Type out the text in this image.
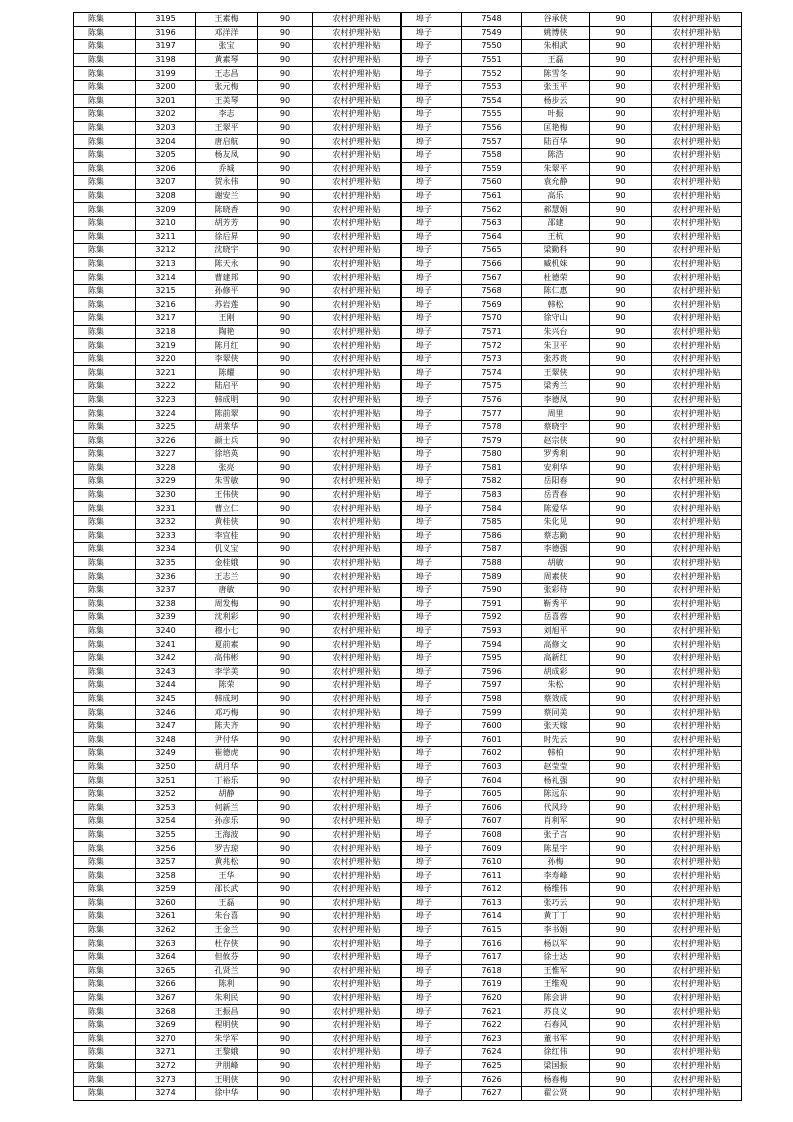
陈集	3195	王素梅	90	农村护理补贴
陈集	3196	邓洋洋	90	农村护理补贴
陈集	3197	张宝	90	农村护理补贴
陈集	3198	黄素琴	90	农村护理补贴
陈集	3199	王志昌	90	农村护理补贴
陈集	3200	张元梅	90	农村护理补贴
陈集	3201	王美琴	90	农村护理补贴
陈集	3202	李志	90	农村护理补贴
陈集	3203	王翠平	90	农村护理补贴
陈集	3204	唐启航	90	农村护理补贴
陈集	3205	杨友凤	90	农村护理补贴
陈集	3206	乔城	90	农村护理补贴
陈集	3207	贺永伟	90	农村护理补贴
陈集	3208	谢安兰	90	农村护理补贴
陈集	3209	陈晓香	90	农村护理补贴
陈集	3210	胡芳芳	90	农村护理补贴
陈集	3211	徐后昇	90	农村护理补贴
陈集	3212	沈晓宇	90	农村护理补贴
陈集	3213	陈天永	90	农村护理补贴
陈集	3214	曹建邦	90	农村护理补贴
陈集	3215	孙修平	90	农村护理补贴
陈集	3216	苏岩莲	90	农村护理补贴
陈集	3217	王刚	90	农村护理补贴
陈集	3218	陶艳	90	农村护理补贴
陈集	3219	陈月红	90	农村护理补贴
陈集	3220	李翠侠	90	农村护理补贴
陈集	3221	陈耀	90	农村护理补贴
陈集	3222	陆启平	90	农村护理补贴
陈集	3223	韩成明	90	农村护理补贴
陈集	3224	陈前翠	90	农村护理补贴
陈集	3225	胡莱华	90	农村护理补贴
陈集	3226	颜士兵	90	农村护理补贴
陈集	3227	徐培英	90	农村护理补贴
陈集	3228	张亮	90	农村护理补贴
陈集	3229	朱雪敏	90	农村护理补贴
陈集	3230	王伟侠	90	农村护理补贴
陈集	3231	曹立仁	90	农村护理补贴
陈集	3232	黄桂侠	90	农村护理补贴
陈集	3233	李宜桂	90	农村护理补贴
陈集	3234	仉义宝	90	农村护理补贴
陈集	3235	金桂娥	90	农村护理补贴
陈集	3236	王志兰	90	农村护理补贴
陈集	3237	唐敏	90	农村护理补贴
陈集	3238	周发梅	90	农村护理补贴
陈集	3239	沈利彩	90	农村护理补贴
陈集	3240	穆小七	90	农村护理补贴
陈集	3241	夏前素	90	农村护理补贴
陈集	3242	高伟彬	90	农村护理补贴
陈集	3243	李学美	90	农村护理补贴
陈集	3244	陈荣	90	农村护理补贴
陈集	3245	韩成珂	90	农村护理补贴
陈集	3246	邓巧梅	90	农村护理补贴
陈集	3247	陈夫齐	90	农村护理补贴
陈集	3248	尹付华	90	农村护理补贴
陈集	3249	崔德虎	90	农村护理补贴
陈集	3250	胡月华	90	农村护理补贴
陈集	3251	丁裕乐	90	农村护理补贴
陈集	3252	胡静	90	农村护理补贴
陈集	3253	何新兰	90	农村护理补贴
陈集	3254	孙彦乐	90	农村护理补贴
陈集	3255	王海波	90	农村护理补贴
陈集	3256	罗吉琼	90	农村护理补贴
陈集	3257	黄兆松	90	农村护理补贴
陈集	3258	王华	90	农村护理补贴
陈集	3259	邵长武	90	农村护理补贴
陈集	3260	王磊	90	农村护理补贴
陈集	3261	朱台喜	90	农村护理补贴
陈集	3262	王金兰	90	农村护理补贴
陈集	3263	杜存侠	90	农村护理补贴
陈集	3264	但攸芬	90	农村护理补贴
陈集	3265	孔贤兰	90	农村护理补贴
陈集	3266	陈利	90	农村护理补贴
陈集	3267	朱利民	90	农村护理补贴
陈集	3268	王振昌	90	农村护理补贴
陈集	3269	程明侠	90	农村护理补贴
陈集	3270	朱学军	90	农村护理补贴
陈集	3271	王黎娥	90	农村护理补贴
陈集	3272	尹朋峰	90	农村护理补贴
陈集	3273	王明侠	90	农村护理补贴
陈集	3274	徐中华	90	农村护理补贴
埠子	7548	谷承侠	90	农村护理补贴
埠子	7549	姚博侠	90	农村护理补贴
埠子	7550	朱相武	90	农村护理补贴
埠子	7551	王磊	90	农村护理补贴
埠子	7552	陈雪冬	90	农村护理补贴
埠子	7553	张玉平	90	农村护理补贴
埠子	7554	杨步云	90	农村护理补贴
埠子	7555	叶振	90	农村护理补贴
埠子	7556	匡艳梅	90	农村护理补贴
埠子	7557	陆百华	90	农村护理补贴
埠子	7558	陈浩	90	农村护理补贴
埠子	7559	朱翠平	90	农村护理补贴
埠子	7560	袁允静	90	农村护理补贴
埠子	7561	高乐	90	农村护理补贴
埠子	7562	郝慧娟	90	农村护理补贴
埠子	7563	邵建	90	农村护理补贴
埠子	7564	王杭	90	农村护理补贴
埠子	7565	梁勤科	90	农村护理补贴
埠子	7566	臧机妹	90	农村护理补贴
埠子	7567	杜德荣	90	农村护理补贴
埠子	7568	陈仁惠	90	农村护理补贴
埠子	7569	韩松	90	农村护理补贴
埠子	7570	徐守山	90	农村护理补贴
埠子	7571	朱兴台	90	农村护理补贴
埠子	7572	朱卫平	90	农村护理补贴
埠子	7573	张苏贵	90	农村护理补贴
埠子	7574	王翠侠	90	农村护理补贴
埠子	7575	梁秀兰	90	农村护理补贴
埠子	7576	李德凤	90	农村护理补贴
埠子	7577	周里	90	农村护理补贴
埠子	7578	蔡晓宇	90	农村护理补贴
埠子	7579	赵宗侠	90	农村护理补贴
埠子	7580	罗秀利	90	农村护理补贴
埠子	7581	安利华	90	农村护理补贴
埠子	7582	岳阳春	90	农村护理补贴
埠子	7583	岳青春	90	农村护理补贴
埠子	7584	陈爱华	90	农村护理补贴
埠子	7585	朱化见	90	农村护理补贴
埠子	7586	蔡志勤	90	农村护理补贴
埠子	7587	李德强	90	农村护理补贴
埠子	7588	胡敏	90	农村护理补贴
埠子	7589	周素侠	90	农村护理补贴
埠子	7590	张彩侍	90	农村护理补贴
埠子	7591	靳秀平	90	农村护理补贴
埠子	7592	岳喜蓉	90	农村护理补贴
埠子	7593	刘旭平	90	农村护理补贴
埠子	7594	高修文	90	农村护理补贴
埠子	7595	高新红	90	农村护理补贴
埠子	7596	胡成彩	90	农村护理补贴
埠子	7597	朱松	90	农村护理补贴
埠子	7598	蔡效成	90	农村护理补贴
埠子	7599	蔡同美	90	农村护理补贴
埠子	7600	张天嫁	90	农村护理补贴
埠子	7601	时先云	90	农村护理补贴
埠子	7602	韩柏	90	农村护理补贴
埠子	7603	赵莹莹	90	农村护理补贴
埠子	7604	杨礼强	90	农村护理补贴
埠子	7605	陈远东	90	农村护理补贴
埠子	7606	代风玲	90	农村护理补贴
埠子	7607	肖利军	90	农村护理补贴
埠子	7608	张子言	90	农村护理补贴
埠子	7609	陈星宇	90	农村护理补贴
埠子	7610	孙梅	90	农村护理补贴
埠子	7611	李寿峰	90	农村护理补贴
埠子	7612	杨维伟	90	农村护理补贴
埠子	7613	张巧云	90	农村护理补贴
埠子	7614	黄丁丁	90	农村护理补贴
埠子	7615	李书娟	90	农村护理补贴
埠子	7616	杨以军	90	农村护理补贴
埠子	7617	徐士达	90	农村护理补贴
埠子	7618	王惟军	90	农村护理补贴
埠子	7619	王维观	90	农村护理补贴
埠子	7620	陈会讲	90	农村护理补贴
埠子	7621	苏良义	90	农村护理补贴
埠子	7622	石春风	90	农村护理补贴
埠子	7623	董书军	90	农村护理补贴
埠子	7624	徐红伟	90	农村护理补贴
埠子	7625	梁国振	90	农村护理补贴
埠子	7626	杨春梅	90	农村护理补贴
埠子	7627	翟公贤	90	农村护理补贴
